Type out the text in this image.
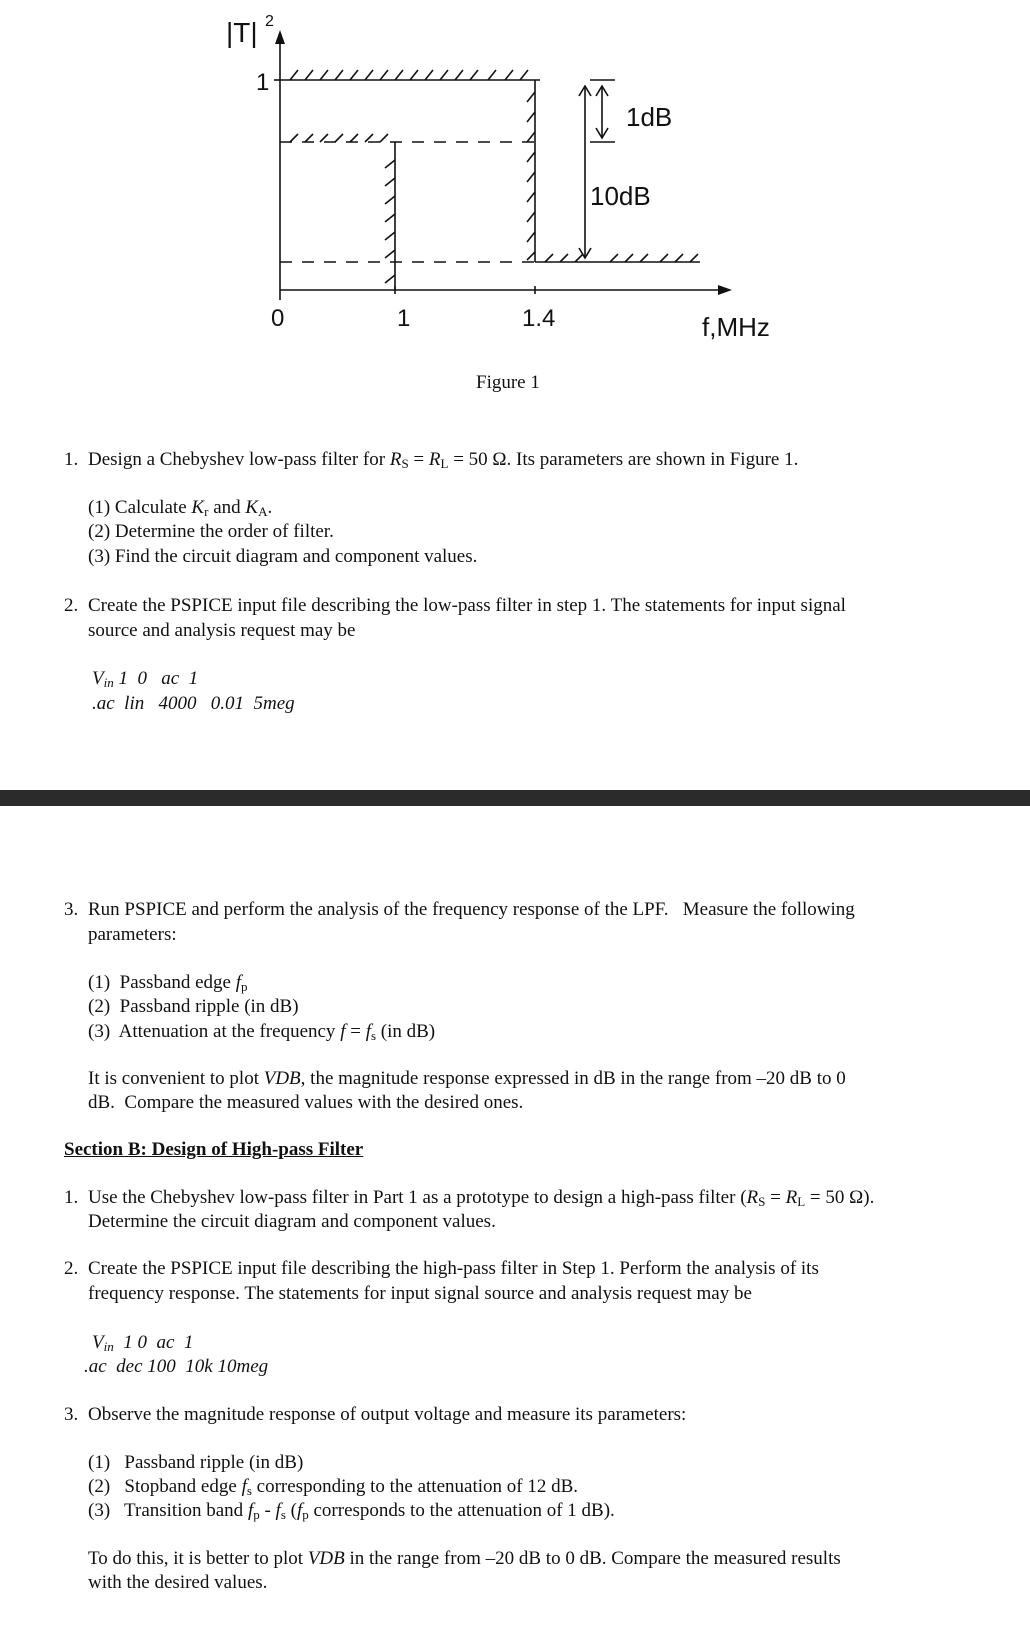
|T| 2
1
0	1	1.4	f,MHz
1dB
10dB
Figure 1
1. Design a Chebyshev low-pass filter for RS = RL = 50 Ω. Its parameters are shown in Figure 1.
(1) Calculate Kr and KA.
(2) Determine the order of filter.
(3) Find the circuit diagram and component values.
2. Create the PSPICE input file describing the low-pass filter in step 1. The statements for input signal
source and analysis request may be
Vin 1  0   ac  1
.ac  lin   4000   0.01  5meg
3. Run PSPICE and perform the analysis of the frequency response of the LPF.   Measure the following
parameters:
(1)  Passband edge fp
(2)  Passband ripple (in dB)
(3)  Attenuation at the frequency f = fs (in dB)
It is convenient to plot VDB, the magnitude response expressed in dB in the range from –20 dB to 0
dB.  Compare the measured values with the desired ones.
Section B: Design of High-pass Filter
1. Use the Chebyshev low-pass filter in Part 1 as a prototype to design a high-pass filter (RS = RL = 50 Ω).
Determine the circuit diagram and component values.
2. Create the PSPICE input file describing the high-pass filter in Step 1. Perform the analysis of its
frequency response. The statements for input signal source and analysis request may be
Vin  1 0  ac  1
.ac  dec 100  10k 10meg
3. Observe the magnitude response of output voltage and measure its parameters:
(1)   Passband ripple (in dB)
(2)   Stopband edge fs corresponding to the attenuation of 12 dB.
(3)   Transition band fp - fs (fp corresponds to the attenuation of 1 dB).
To do this, it is better to plot VDB in the range from –20 dB to 0 dB. Compare the measured results
with the desired values.
